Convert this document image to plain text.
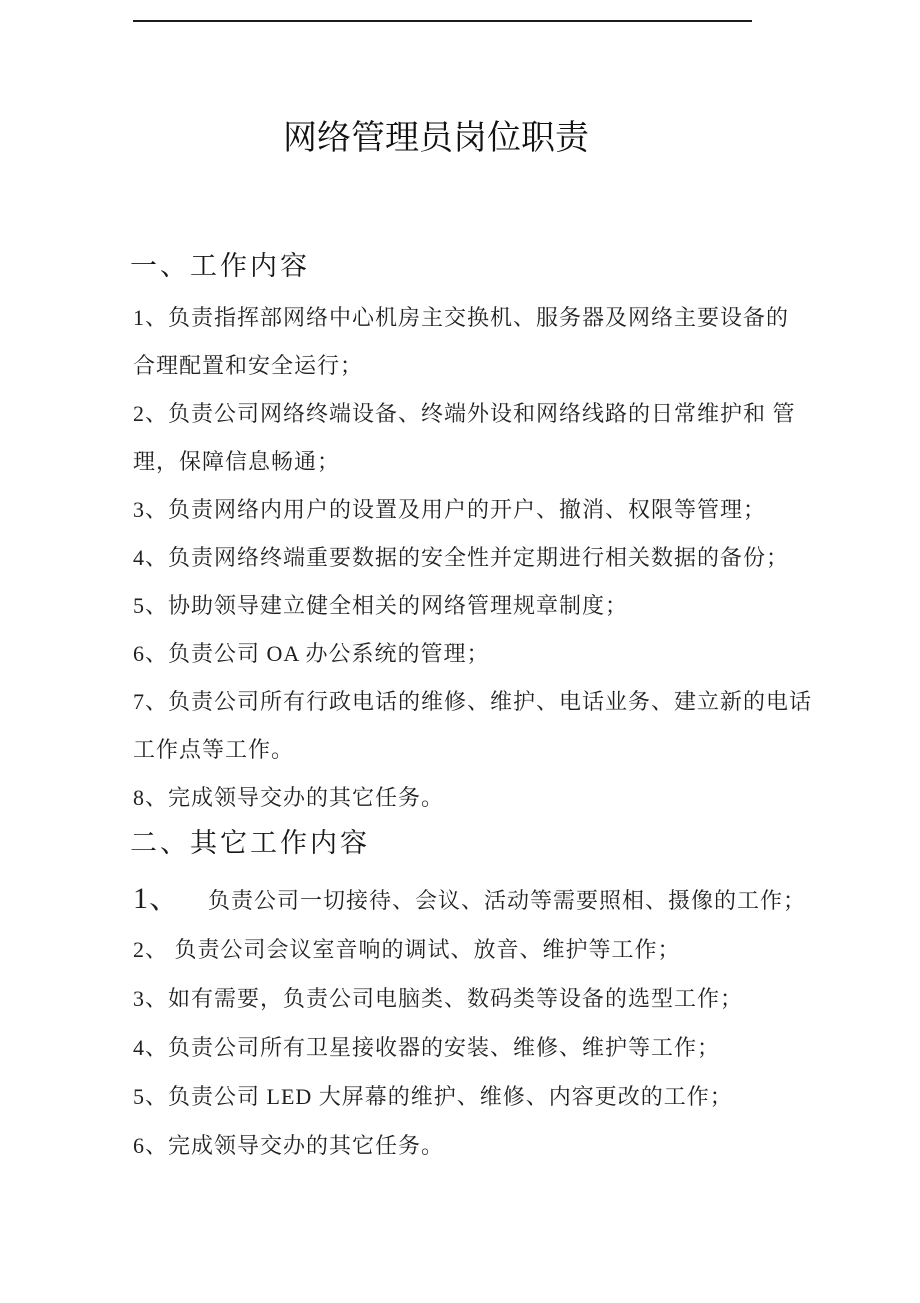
网络管理员岗位职责
一、工作内容
1、负责指挥部网络中心机房主交换机、服务器及网络主要设备的
合理配置和安全运行；
2、负责公司网络终端设备、终端外设和网络线路的日常维护和 管
理，保障信息畅通；
3、负责网络内用户的设置及用户的开户、撤消、权限等管理；
4、负责网络终端重要数据的安全性并定期进行相关数据的备份；
5、协助领导建立健全相关的网络管理规章制度；
6、负责公司 OA 办公系统的管理；
7、负责公司所有行政电话的维修、维护、电话业务、建立新的电话
工作点等工作。
8、完成领导交办的其它任务。
二、其它工作内容
1、 负责公司一切接待、会议、活动等需要照相、摄像的工作；
2、 负责公司会议室音响的调试、放音、维护等工作；
3、如有需要，负责公司电脑类、数码类等设备的选型工作；
4、负责公司所有卫星接收器的安装、维修、维护等工作；
5、负责公司 LED 大屏幕的维护、维修、内容更改的工作；
6、完成领导交办的其它任务。
